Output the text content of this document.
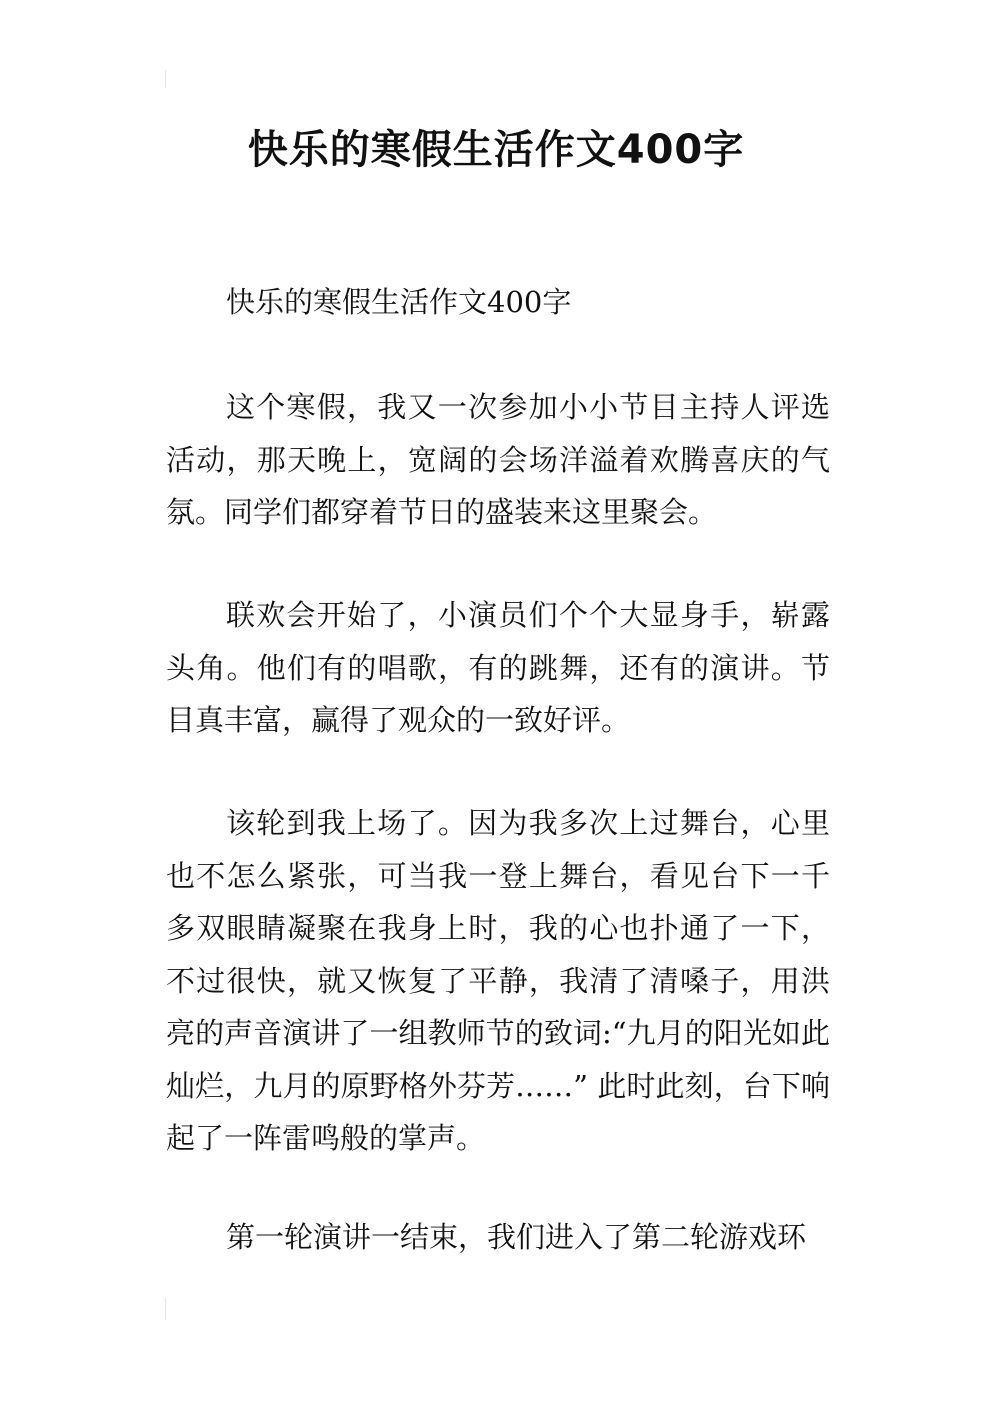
快乐的寒假生活作文400字

快乐的寒假生活作文400字

这个寒假，我又一次参加小小节目主持人评选活动，那天晚上，宽阔的会场洋溢着欢腾喜庆的气氛。同学们都穿着节日的盛装来这里聚会。

联欢会开始了，小演员们个个大显身手，崭露头角。他们有的唱歌，有的跳舞，还有的演讲。节目真丰富，赢得了观众的一致好评。

该轮到我上场了。因为我多次上过舞台，心里也不怎么紧张，可当我一登上舞台，看见台下一千多双眼睛凝聚在我身上时，我的心也扑通了一下，不过很快，就又恢复了平静，我清了清嗓子，用洪亮的声音演讲了一组教师节的致词:“九月的阳光如此灿烂，九月的原野格外芬芳……” 此时此刻，台下响起了一阵雷鸣般的掌声。

第一轮演讲一结束，我们进入了第二轮游戏环
